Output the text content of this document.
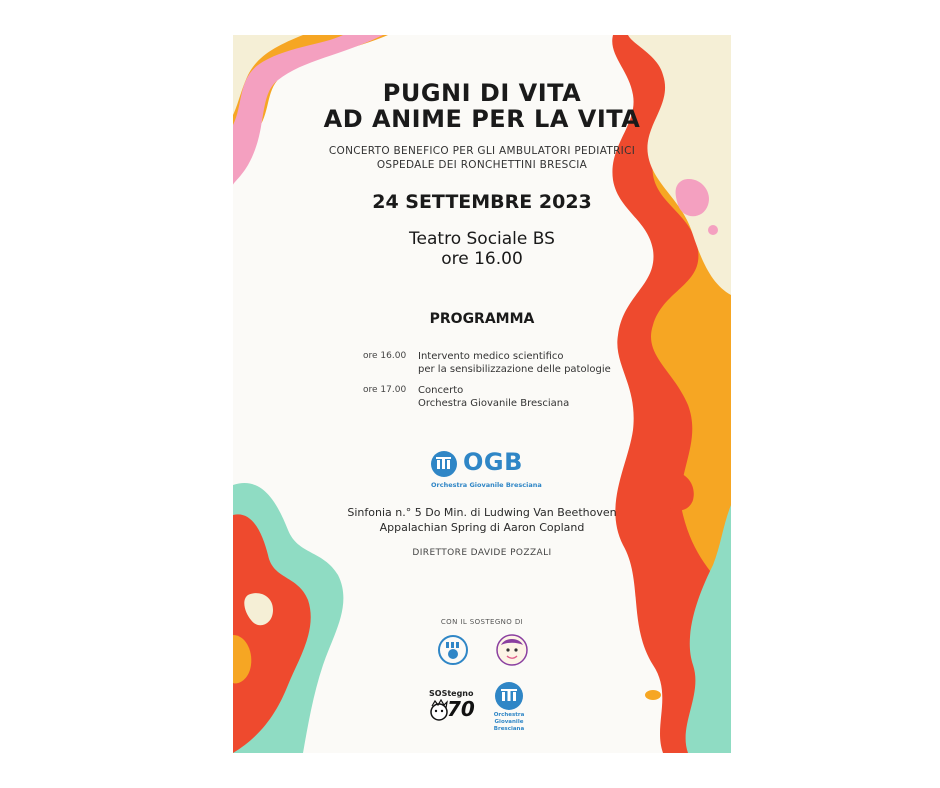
PUGNI DI VITA
AD ANIME PER LA VITA
CONCERTO BENEFICO PER GLI AMBULATORI PEDIATRICI
OSPEDALE DEI RONCHETTINI BRESCIA
24 SETTEMBRE 2023
Teatro Sociale BS
ore 16.00
PROGRAMMA
ore 16.00	Intervento medico scientifico
per la sensibilizzazione delle patologie
ore 17.00	Concerto
Orchestra Giovanile Bresciana
OGB
Orchestra Giovanile Bresciana
Sinfonia n.° 5 Do Min. di Ludwing Van Beethoven
Appalachian Spring di Aaron Copland
DIRETTORE DAVIDE POZZALI
CON IL SOSTEGNO DI
SOStegno
70	Orchestra
Giovanile
Bresciana
